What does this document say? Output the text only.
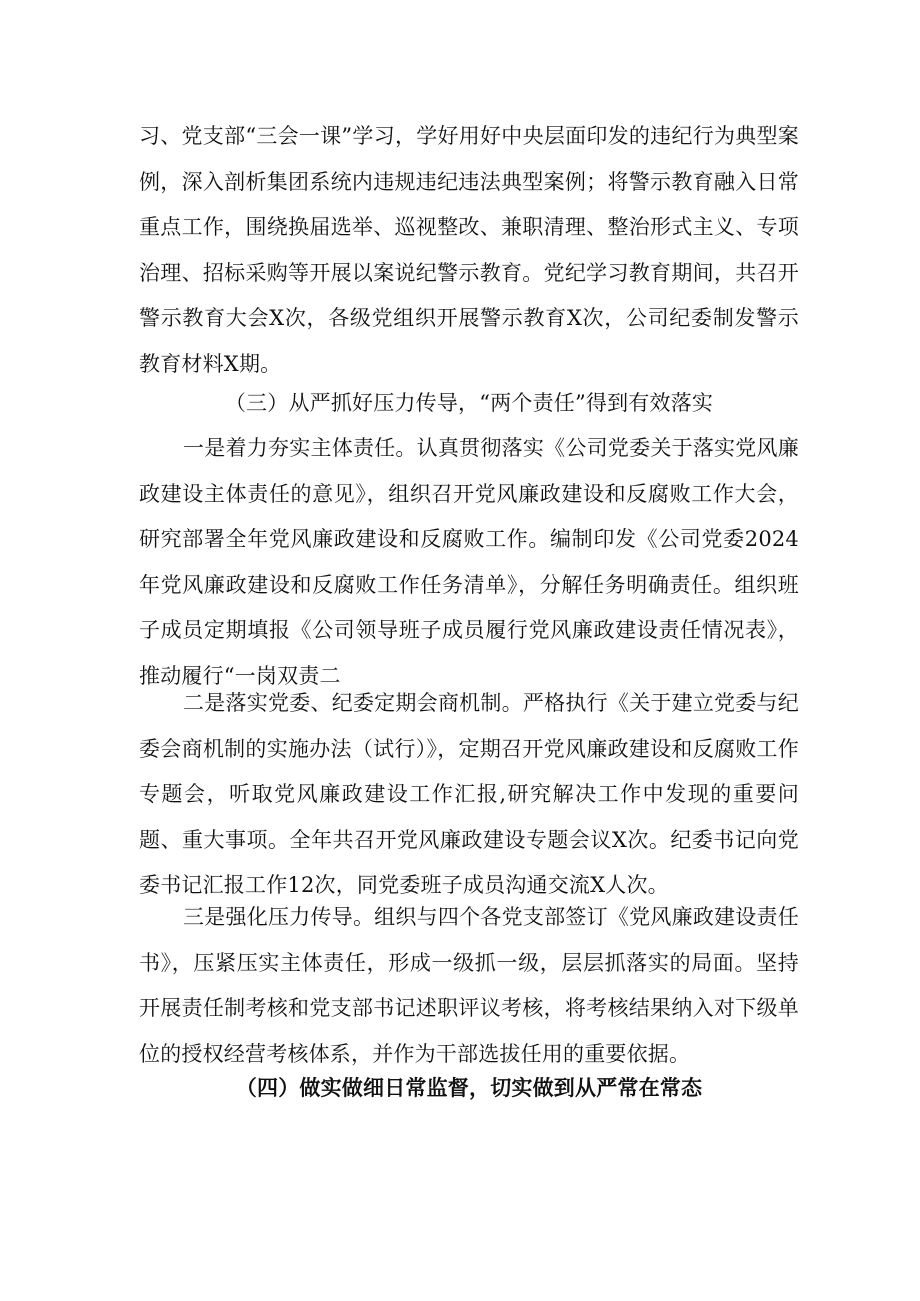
习、党支部“三会一课”学习，学好用好中央层面印发的违纪行为典型案例，深入剖析集团系统内违规违纪违法典型案例；将警示教育融入日常重点工作，围绕换届选举、巡视整改、兼职清理、整治形式主义、专项治理、招标采购等开展以案说纪警示教育。党纪学习教育期间，共召开警示教育大会X次，各级党组织开展警示教育X次，公司纪委制发警示教育材料X期。

（三）从严抓好压力传导，“两个责任”得到有效落实

一是着力夯实主体责任。认真贯彻落实《公司党委关于落实党风廉政建设主体责任的意见》，组织召开党风廉政建设和反腐败工作大会，研究部署全年党风廉政建设和反腐败工作。编制印发《公司党委2024年党风廉政建设和反腐败工作任务清单》，分解任务明确责任。组织班子成员定期填报《公司领导班子成员履行党风廉政建设责任情况表》，推动履行“一岗双责二

二是落实党委、纪委定期会商机制。严格执行《关于建立党委与纪委会商机制的实施办法（试行）》，定期召开党风廉政建设和反腐败工作专题会，听取党风廉政建设工作汇报,研究解决工作中发现的重要问题、重大事项。全年共召开党风廉政建设专题会议X次。纪委书记向党委书记汇报工作12次，同党委班子成员沟通交流X人次。

三是强化压力传导。组织与四个各党支部签订《党风廉政建设责任书》，压紧压实主体责任，形成一级抓一级，层层抓落实的局面。坚持开展责任制考核和党支部书记述职评议考核，将考核结果纳入对下级单位的授权经营考核体系，并作为干部选拔任用的重要依据。

（四）做实做细日常监督，切实做到从严常在常态
